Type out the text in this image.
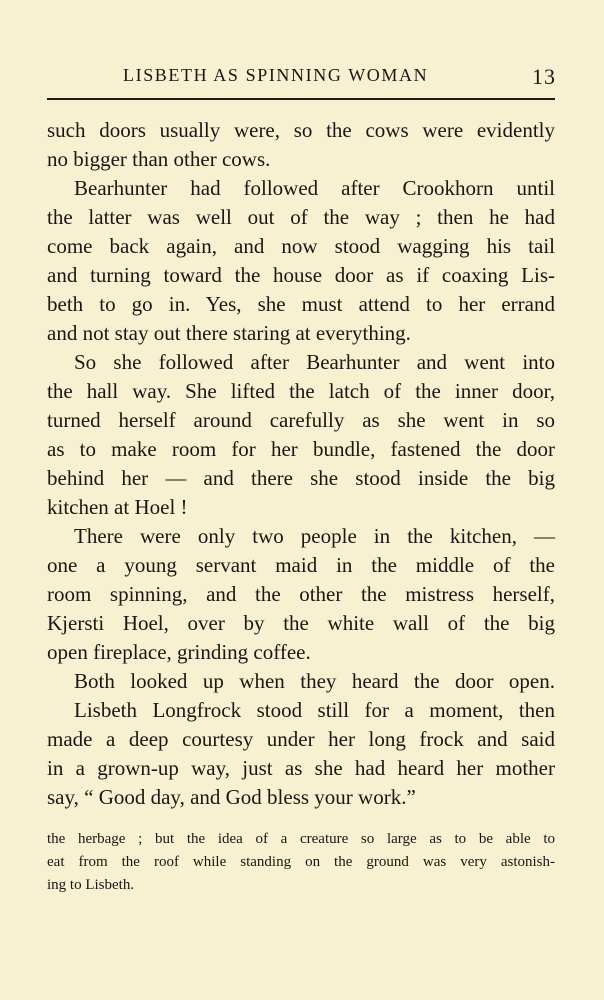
LISBETH AS SPINNING WOMAN	13
such doors usually were, so the cows were evidently
no bigger than other cows.
Bearhunter had followed after Crookhorn until
the latter was well out of the way ; then he had
come back again, and now stood wagging his tail
and turning toward the house door as if coaxing Lis-
beth to go in. Yes, she must attend to her errand
and not stay out there staring at everything.
So she followed after Bearhunter and went into
the hall way. She lifted the latch of the inner door,
turned herself around carefully as she went in so
as to make room for her bundle, fastened the door
behind her — and there she stood inside the big
kitchen at Hoel !
There were only two people in the kitchen, —
one a young servant maid in the middle of the
room spinning, and the other the mistress herself,
Kjersti Hoel, over by the white wall of the big
open fireplace, grinding coffee.
Both looked up when they heard the door open.
Lisbeth Longfrock stood still for a moment, then
made a deep courtesy under her long frock and said
in a grown-up way, just as she had heard her mother
say, “ Good day, and God bless your work.”
the herbage ; but the idea of a creature so large as to be able to
eat from the roof while standing on the ground was very astonish-
ing to Lisbeth.
